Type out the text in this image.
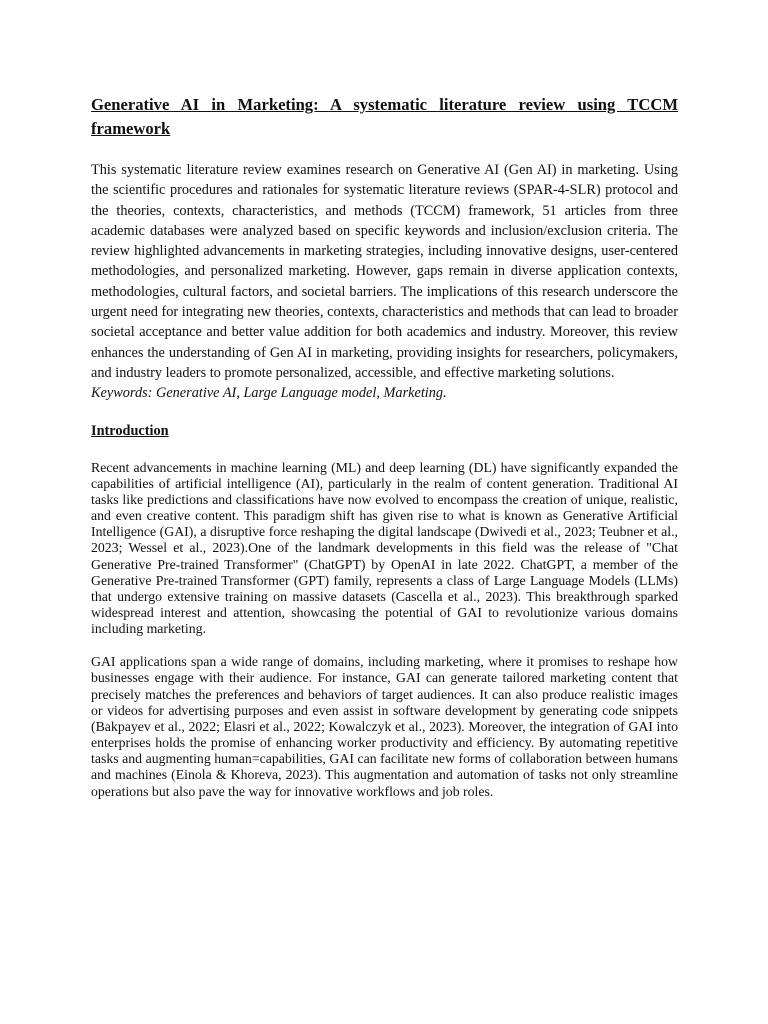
Generative AI in Marketing: A systematic literature review using TCCM framework

This systematic literature review examines research on Generative AI (Gen AI) in marketing. Using the scientific procedures and rationales for systematic literature reviews (SPAR-4-SLR) protocol and the theories, contexts, characteristics, and methods (TCCM) framework, 51 articles from three academic databases were analyzed based on specific keywords and inclusion/exclusion criteria. The review highlighted advancements in marketing strategies, including innovative designs, user-centered methodologies, and personalized marketing. However, gaps remain in diverse application contexts, methodologies, cultural factors, and societal barriers. The implications of this research underscore the urgent need for integrating new theories, contexts, characteristics and methods that can lead to broader societal acceptance and better value addition for both academics and industry. Moreover, this review enhances the understanding of Gen AI in marketing, providing insights for researchers, policymakers, and industry leaders to promote personalized, accessible, and effective marketing solutions.

Keywords: Generative AI, Large Language model, Marketing.

Introduction

Recent advancements in machine learning (ML) and deep learning (DL) have significantly expanded the capabilities of artificial intelligence (AI), particularly in the realm of content generation. Traditional AI tasks like predictions and classifications have now evolved to encompass the creation of unique, realistic, and even creative content. This paradigm shift has given rise to what is known as Generative Artificial Intelligence (GAI), a disruptive force reshaping the digital landscape (Dwivedi et al., 2023; Teubner et al., 2023; Wessel et al., 2023).One of the landmark developments in this field was the release of "Chat Generative Pre-trained Transformer" (ChatGPT) by OpenAI in late 2022. ChatGPT, a member of the Generative Pre-trained Transformer (GPT) family, represents a class of Large Language Models (LLMs) that undergo extensive training on massive datasets (Cascella et al., 2023). This breakthrough sparked widespread interest and attention, showcasing the potential of GAI to revolutionize various domains including marketing.

GAI applications span a wide range of domains, including marketing, where it promises to reshape how businesses engage with their audience. For instance, GAI can generate tailored marketing content that precisely matches the preferences and behaviors of target audiences. It can also produce realistic images or videos for advertising purposes and even assist in software development by generating code snippets (Bakpayev et al., 2022; Elasri et al., 2022; Kowalczyk et al., 2023). Moreover, the integration of GAI into enterprises holds the promise of enhancing worker productivity and efficiency. By automating repetitive tasks and augmenting human=capabilities, GAI can facilitate new forms of collaboration between humans and machines (Einola & Khoreva, 2023). This augmentation and automation of tasks not only streamline operations but also pave the way for innovative workflows and job roles.
